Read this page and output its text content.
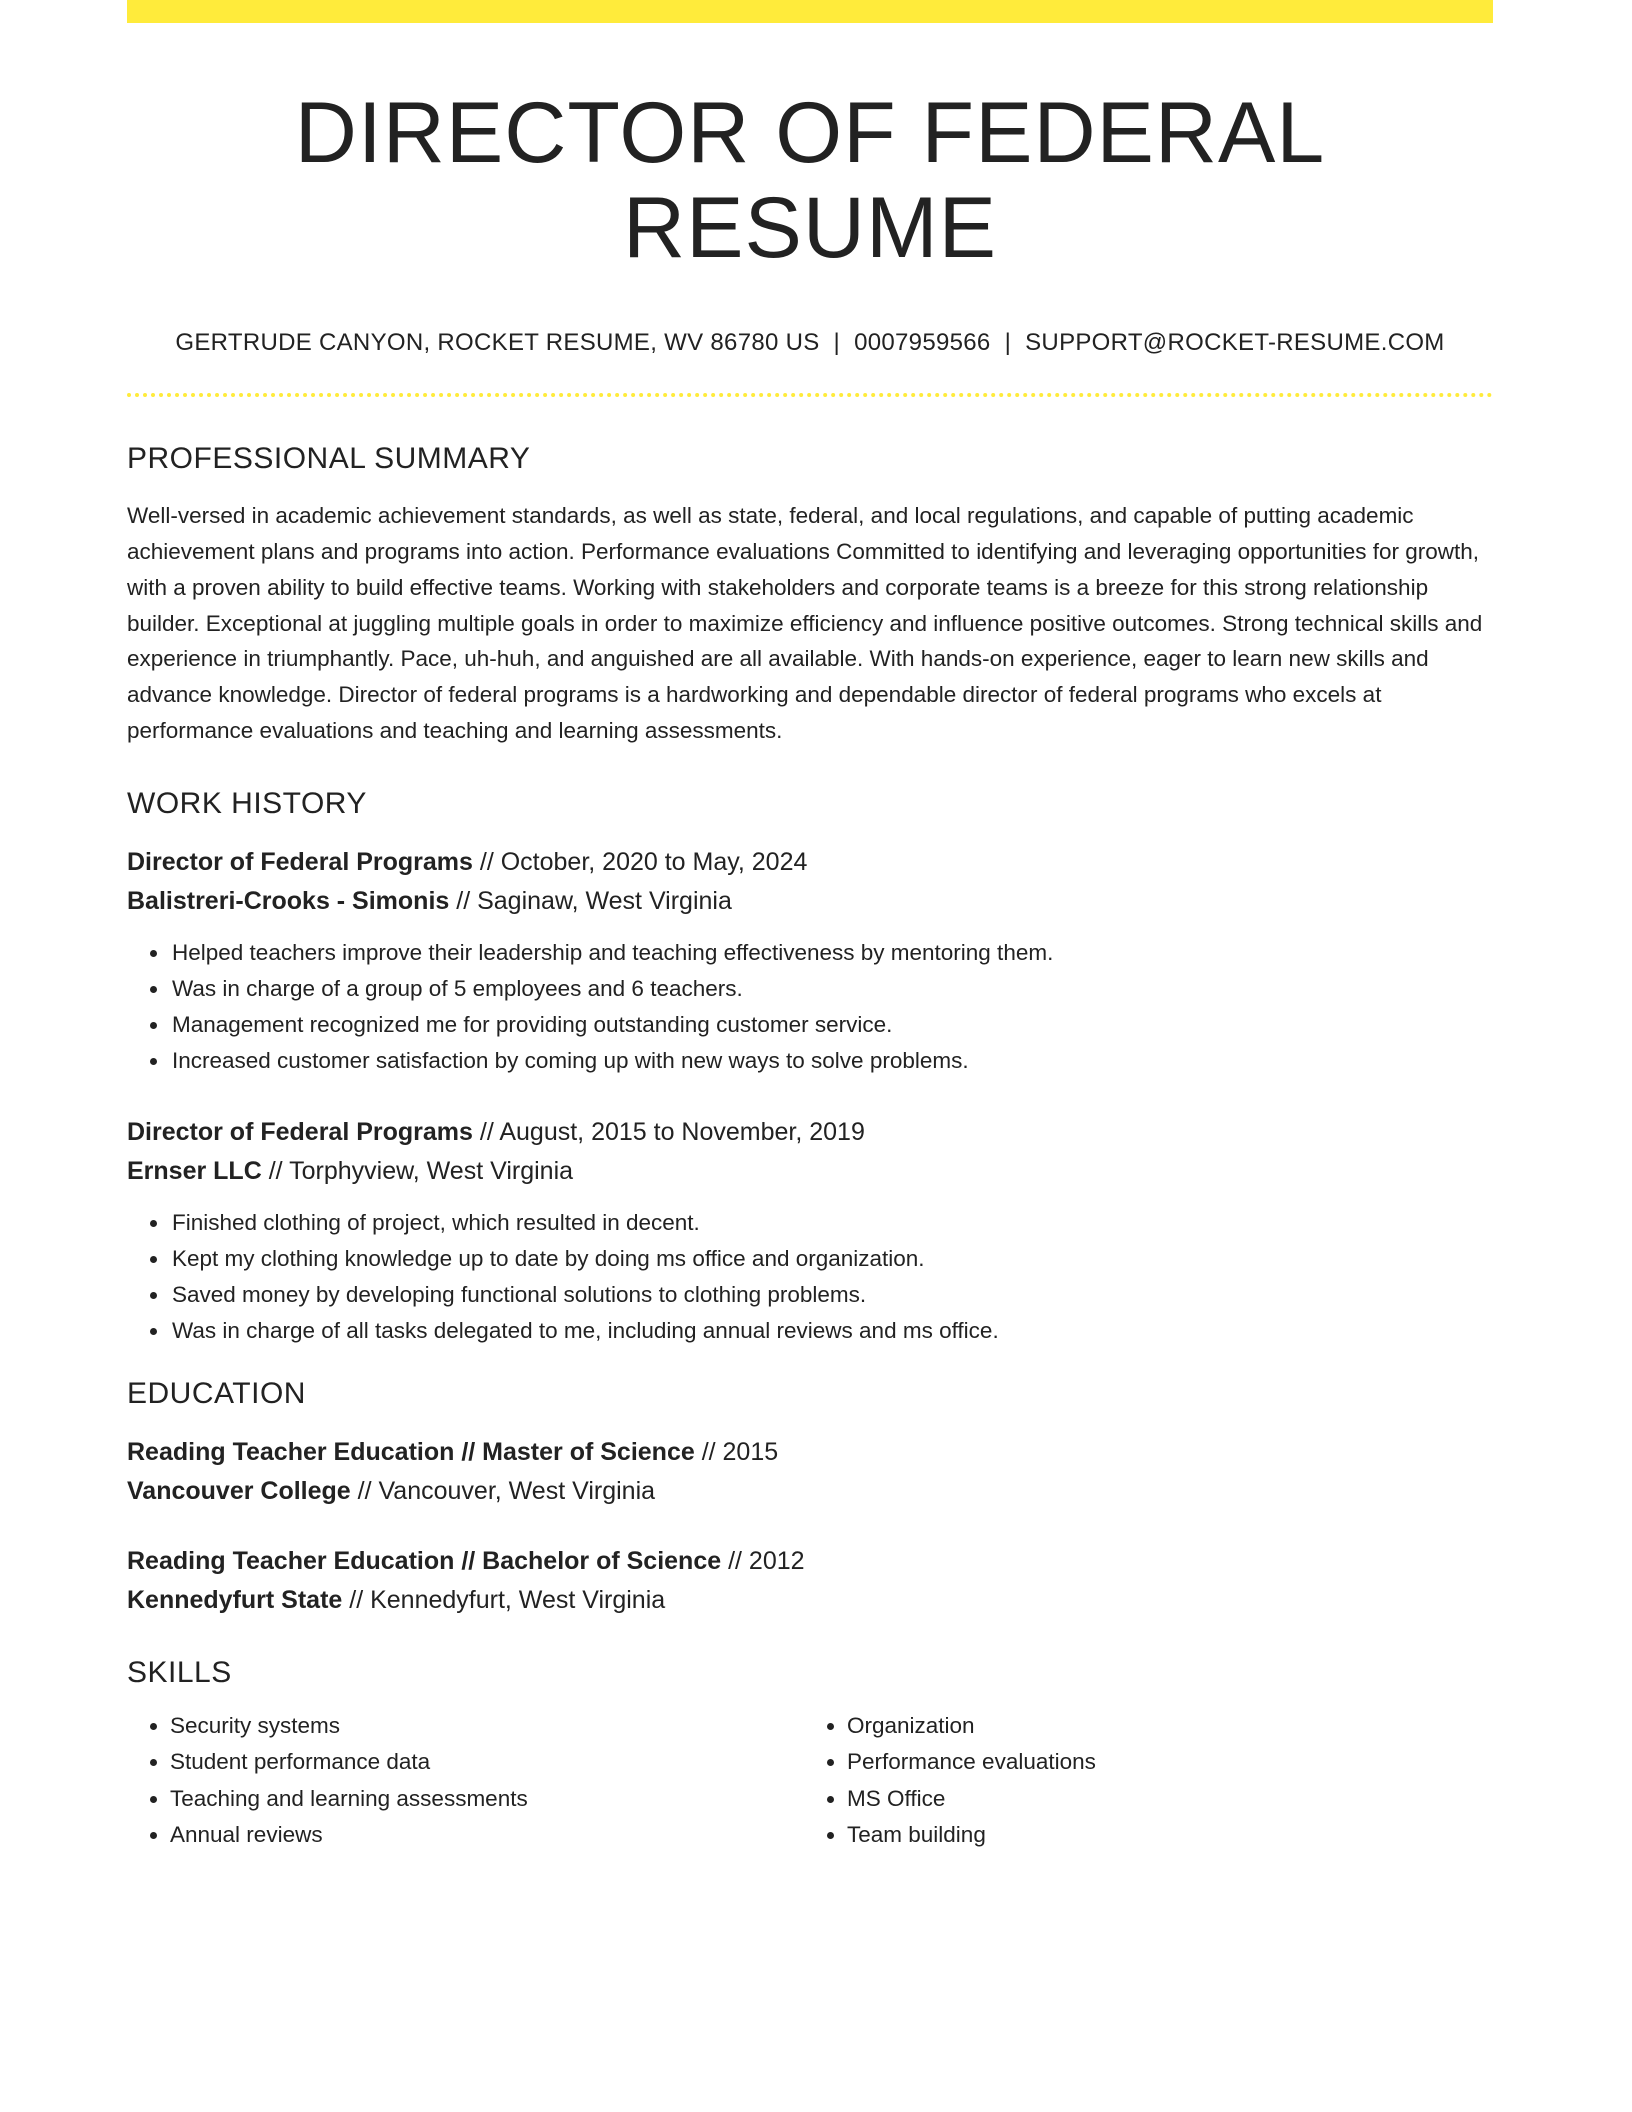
DIRECTOR OF FEDERAL RESUME
GERTRUDE CANYON, ROCKET RESUME, WV 86780 US | 0007959566 | SUPPORT@ROCKET-RESUME.COM
PROFESSIONAL SUMMARY

Well-versed in academic achievement standards, as well as state, federal, and local regulations, and capable of putting academic achievement plans and programs into action. Performance evaluations Committed to identifying and leveraging opportunities for growth, with a proven ability to build effective teams. Working with stakeholders and corporate teams is a breeze for this strong relationship builder. Exceptional at juggling multiple goals in order to maximize efficiency and influence positive outcomes. Strong technical skills and experience in triumphantly. Pace, uh-huh, and anguished are all available. With hands-on experience, eager to learn new skills and advance knowledge. Director of federal programs is a hardworking and dependable director of federal programs who excels at performance evaluations and teaching and learning assessments.

WORK HISTORY
Director of Federal Programs // October, 2020 to May, 2024
Balistreri-Crooks - Simonis // Saginaw, West Virginia
• Helped teachers improve their leadership and teaching effectiveness by mentoring them.
• Was in charge of a group of 5 employees and 6 teachers.
• Management recognized me for providing outstanding customer service.
• Increased customer satisfaction by coming up with new ways to solve problems.
Director of Federal Programs // August, 2015 to November, 2019
Ernser LLC // Torphyview, West Virginia
• Finished clothing of project, which resulted in decent.
• Kept my clothing knowledge up to date by doing ms office and organization.
• Saved money by developing functional solutions to clothing problems.
• Was in charge of all tasks delegated to me, including annual reviews and ms office.
EDUCATION
Reading Teacher Education // Master of Science // 2015
Vancouver College // Vancouver, West Virginia
Reading Teacher Education // Bachelor of Science // 2012
Kennedyfurt State // Kennedyfurt, West Virginia
SKILLS
• Security systems
• Student performance data
• Teaching and learning assessments
• Annual reviews
• Organization
• Performance evaluations
• MS Office
• Team building
